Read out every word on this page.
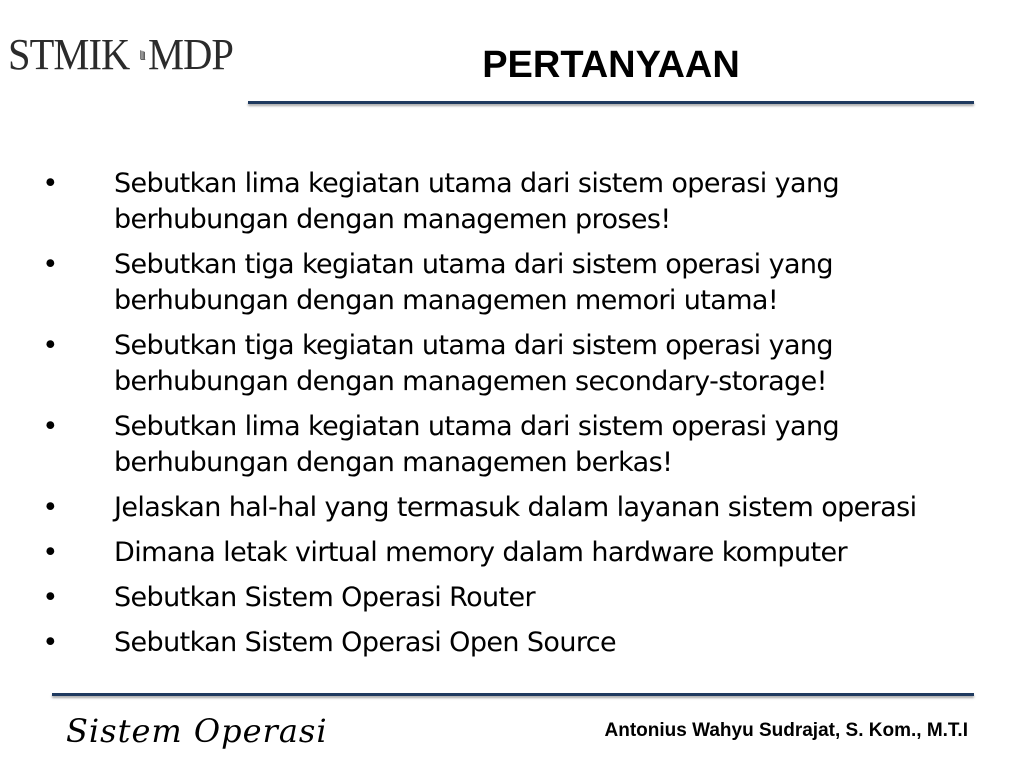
STMIK MDP	PERTANYAAN
• Sebutkan lima kegiatan utama dari sistem operasi yang berhubungan dengan managemen proses!
• Sebutkan tiga kegiatan utama dari sistem operasi yang berhubungan dengan managemen memori utama!
• Sebutkan tiga kegiatan utama dari sistem operasi yang berhubungan dengan managemen secondary-storage!
• Sebutkan lima kegiatan utama dari sistem operasi yang berhubungan dengan managemen berkas!
• Jelaskan hal-hal yang termasuk dalam layanan sistem operasi
• Dimana letak virtual memory dalam hardware komputer
• Sebutkan Sistem Operasi Router
• Sebutkan Sistem Operasi Open Source
Sistem Operasi	Antonius Wahyu Sudrajat, S. Kom., M.T.I
